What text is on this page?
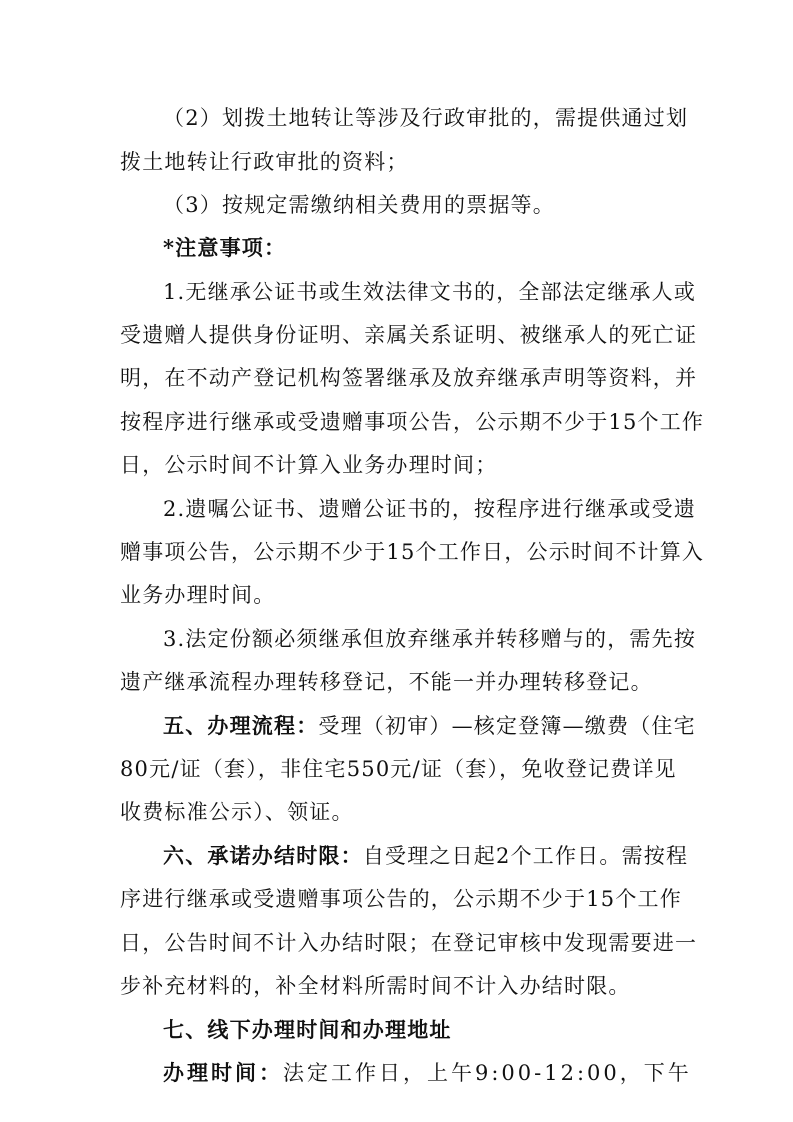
（2）划拨土地转让等涉及行政审批的，需提供通过划
拨土地转让行政审批的资料；
（3）按规定需缴纳相关费用的票据等。
*注意事项：
1.无继承公证书或生效法律文书的，全部法定继承人或
受遗赠人提供身份证明、亲属关系证明、被继承人的死亡证
明，在不动产登记机构签署继承及放弃继承声明等资料，并
按程序进行继承或受遗赠事项公告，公示期不少于15个工作
日，公示时间不计算入业务办理时间；
2.遗嘱公证书、遗赠公证书的，按程序进行继承或受遗
赠事项公告，公示期不少于15个工作日，公示时间不计算入
业务办理时间。
3.法定份额必须继承但放弃继承并转移赠与的，需先按
遗产继承流程办理转移登记，不能一并办理转移登记。
五、办理流程：受理（初审）—核定登簿—缴费（住宅
80元/证（套），非住宅550元/证（套），免收登记费详见
收费标准公示）、领证。
六、承诺办结时限：自受理之日起2个工作日。需按程
序进行继承或受遗赠事项公告的，公示期不少于15个工作
日，公告时间不计入办结时限；在登记审核中发现需要进一
步补充材料的，补全材料所需时间不计入办结时限。
七、线下办理时间和办理地址
办理时间：法定工作日，上午9:00-12:00，下午
